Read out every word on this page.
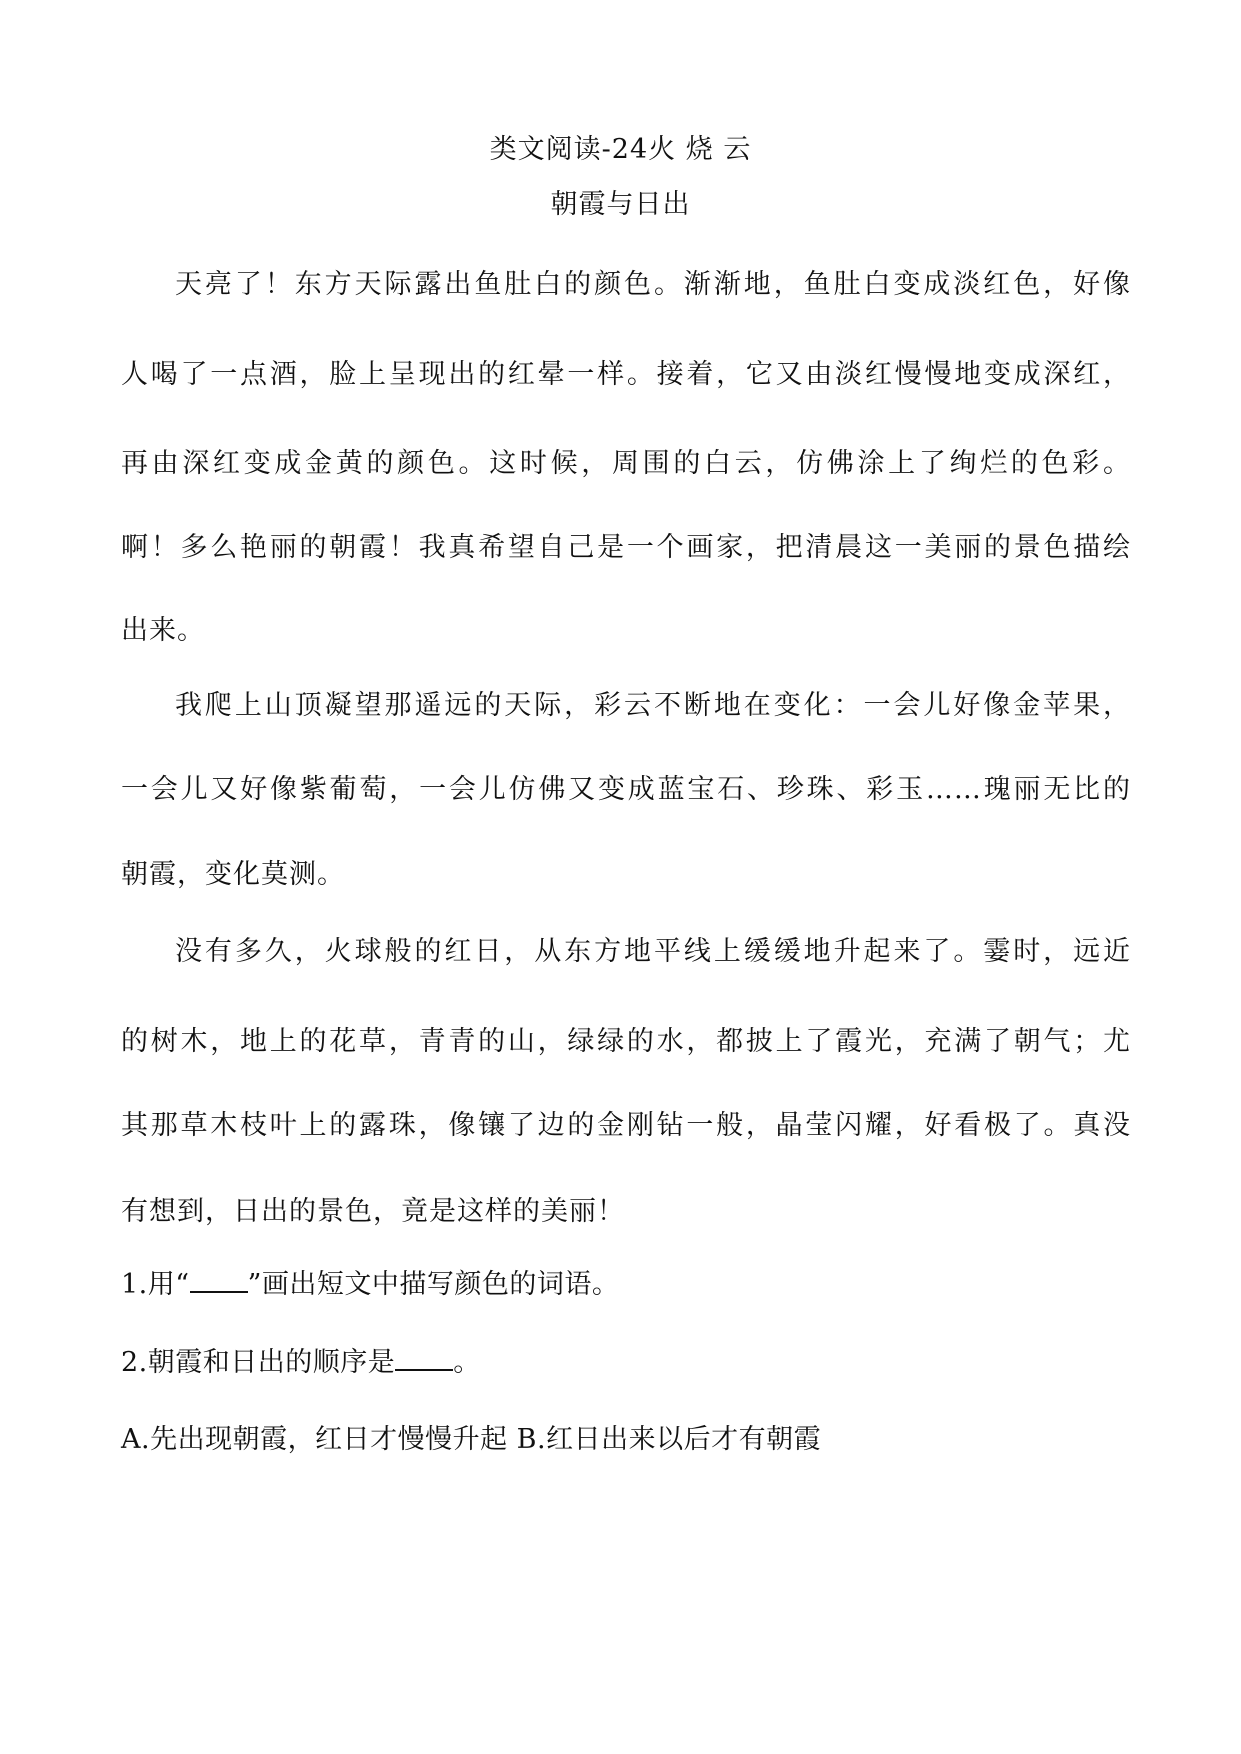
类文阅读-24火 烧 云
朝霞与日出
天亮了！东方天际露出鱼肚白的颜色。渐渐地，鱼肚白变成淡红色，好像
人喝了一点酒，脸上呈现出的红晕一样。接着，它又由淡红慢慢地变成深红，
再由深红变成金黄的颜色。这时候，周围的白云，仿佛涂上了绚烂的色彩。
啊！多么艳丽的朝霞！我真希望自己是一个画家，把清晨这一美丽的景色描绘
出来。
我爬上山顶凝望那遥远的天际，彩云不断地在变化：一会儿好像金苹果，
一会儿又好像紫葡萄，一会儿仿佛又变成蓝宝石、珍珠、彩玉……瑰丽无比的
朝霞，变化莫测。
没有多久，火球般的红日，从东方地平线上缓缓地升起来了。霎时，远近
的树木，地上的花草，青青的山，绿绿的水，都披上了霞光，充满了朝气；尤
其那草木枝叶上的露珠，像镶了边的金刚钻一般，晶莹闪耀，好看极了。真没
有想到，日出的景色，竟是这样的美丽！
1.用“ ”画出短文中描写颜色的词语。
2.朝霞和日出的顺序是 。
A.先出现朝霞，红日才慢慢升起 B.红日出来以后才有朝霞
